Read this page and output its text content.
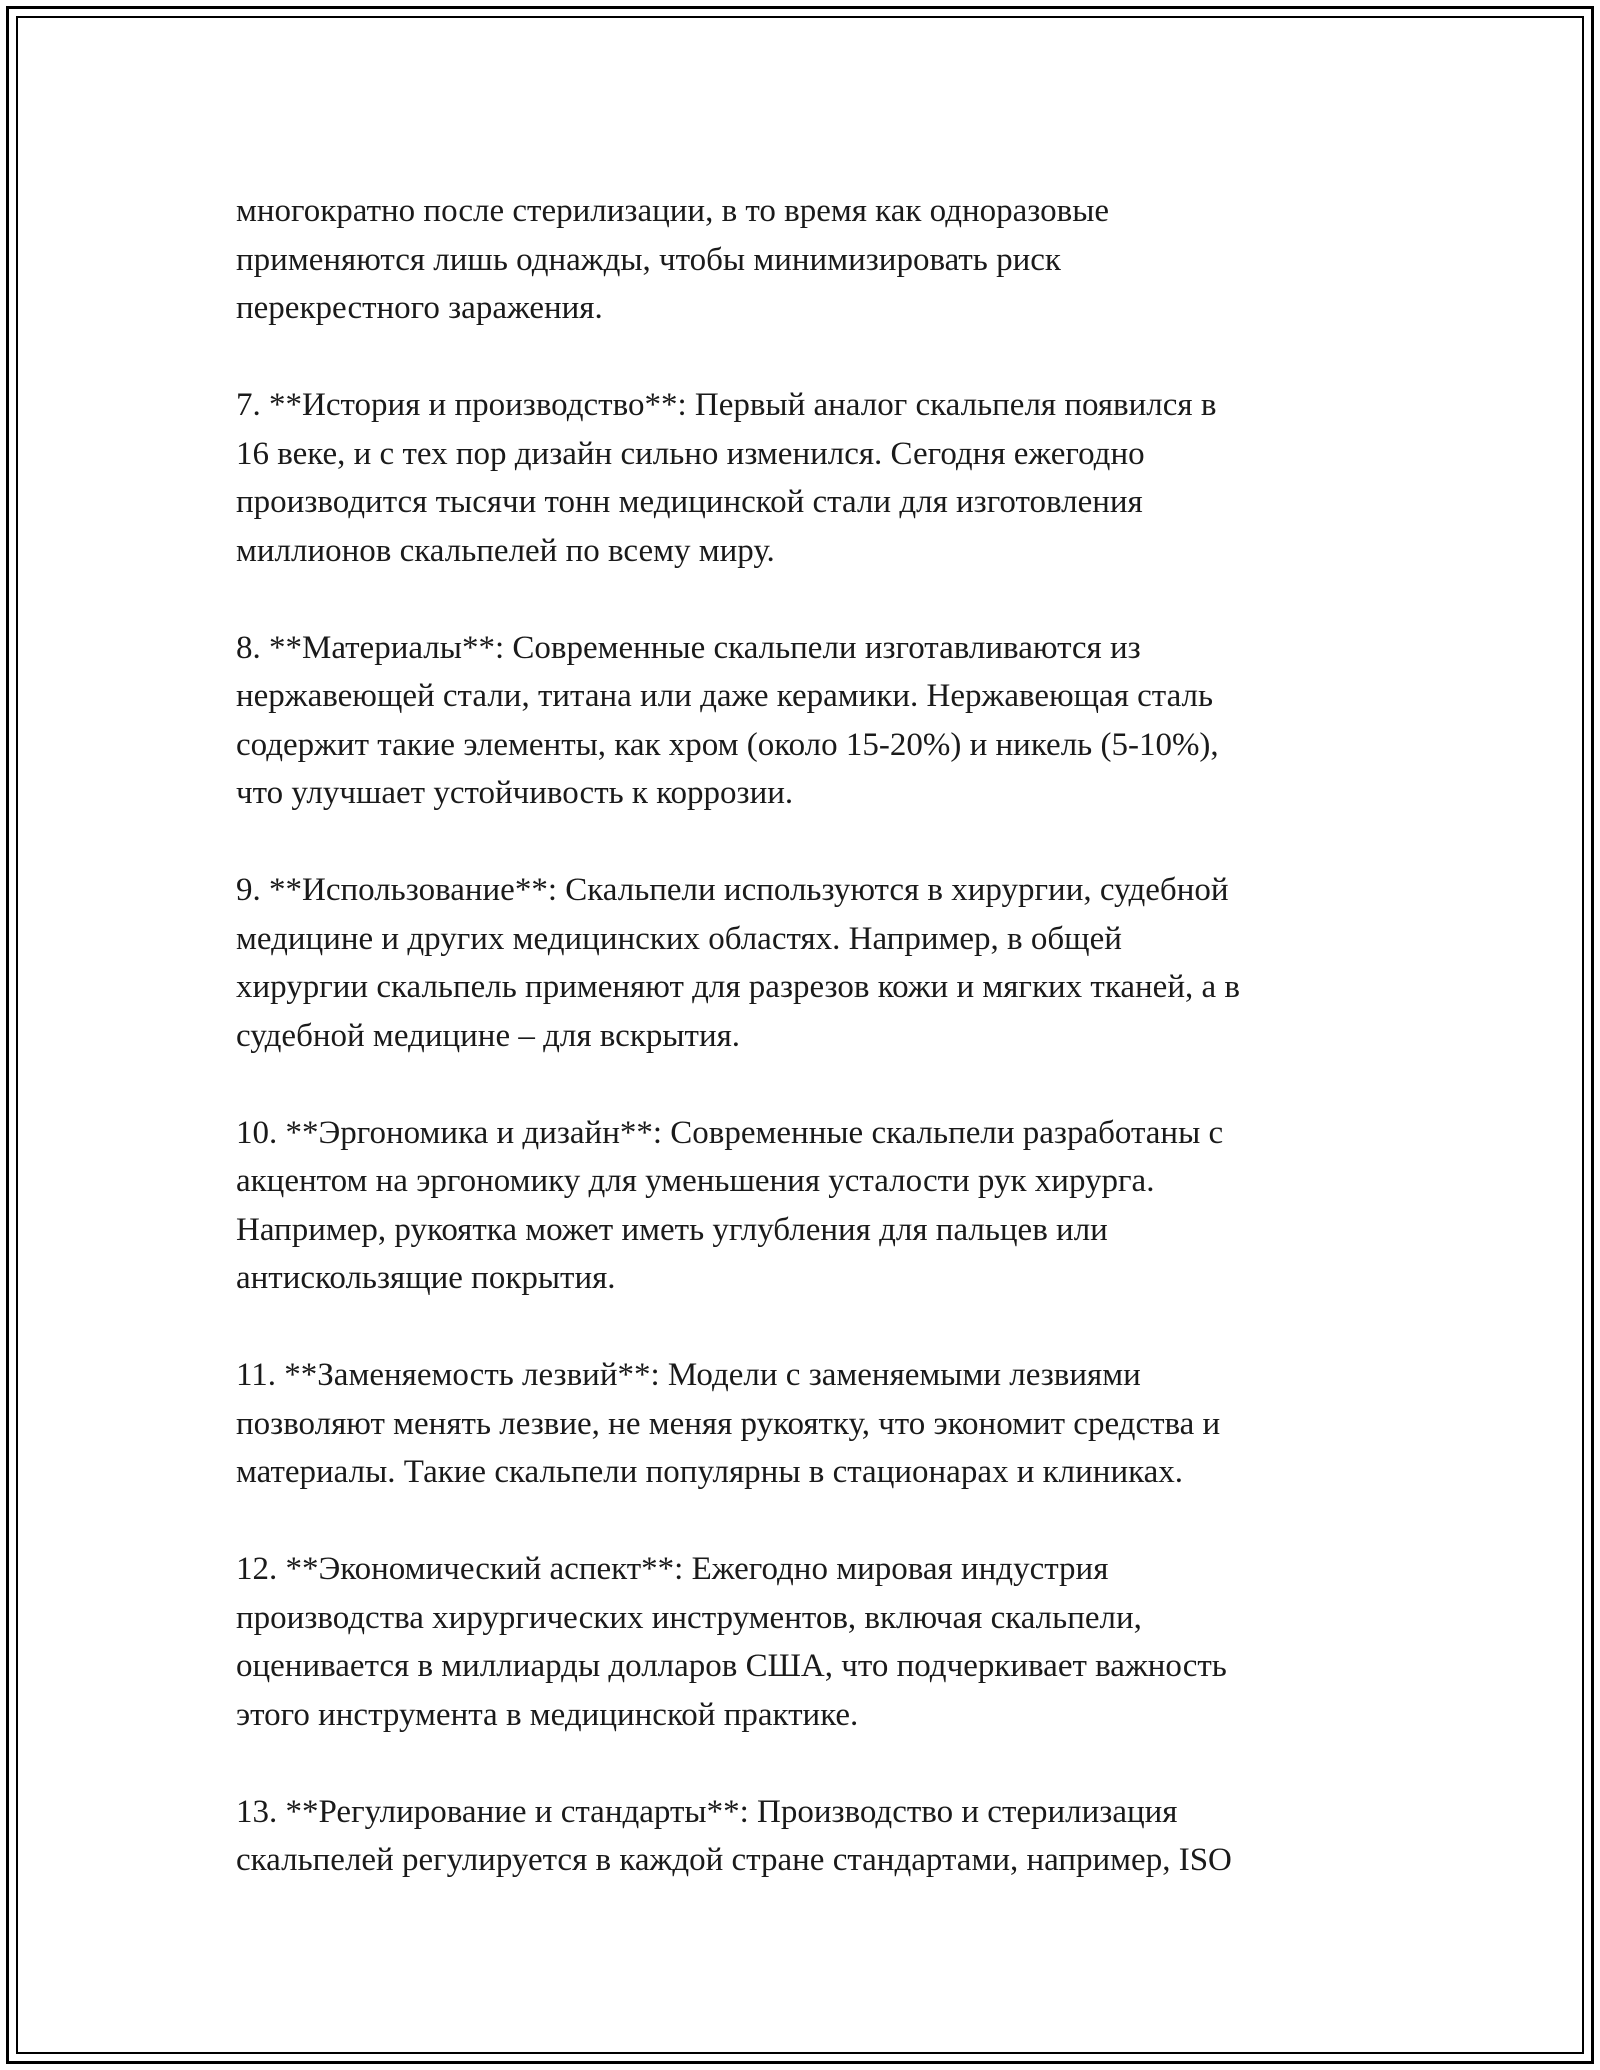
многократно после стерилизации, в то время как одноразовые
применяются лишь однажды, чтобы минимизировать риск
перекрестного заражения.
7. **История и производство**: Первый аналог скальпеля появился в
16 веке, и с тех пор дизайн сильно изменился. Сегодня ежегодно
производится тысячи тонн медицинской стали для изготовления
миллионов скальпелей по всему миру.
8. **Материалы**: Современные скальпели изготавливаются из
нержавеющей стали, титана или даже керамики. Нержавеющая сталь
содержит такие элементы, как хром (около 15-20%) и никель (5-10%),
что улучшает устойчивость к коррозии.
9. **Использование**: Скальпели используются в хирургии, судебной
медицине и других медицинских областях. Например, в общей
хирургии скальпель применяют для разрезов кожи и мягких тканей, а в
судебной медицине – для вскрытия.
10. **Эргономика и дизайн**: Современные скальпели разработаны с
акцентом на эргономику для уменьшения усталости рук хирурга.
Например, рукоятка может иметь углубления для пальцев или
антискользящие покрытия.
11. **Заменяемость лезвий**: Модели с заменяемыми лезвиями
позволяют менять лезвие, не меняя рукоятку, что экономит средства и
материалы. Такие скальпели популярны в стационарах и клиниках.
12. **Экономический аспект**: Ежегодно мировая индустрия
производства хирургических инструментов, включая скальпели,
оценивается в миллиарды долларов США, что подчеркивает важность
этого инструмента в медицинской практике.
13. **Регулирование и стандарты**: Производство и стерилизация
скальпелей регулируется в каждой стране стандартами, например, ISO
